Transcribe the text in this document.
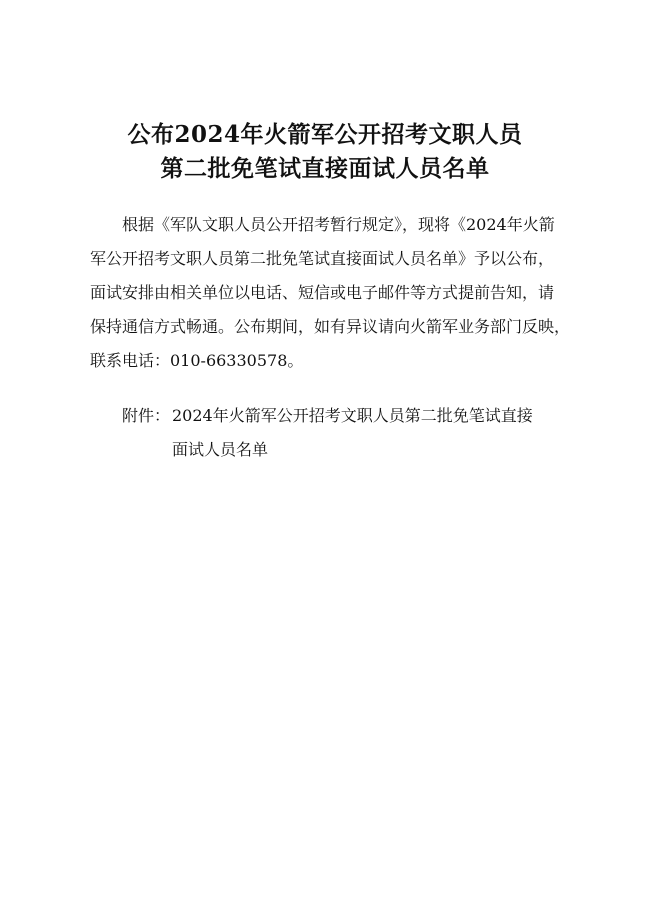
公布2024年火箭军公开招考文职人员
第二批免笔试直接面试人员名单
根据《军队文职人员公开招考暂行规定》，现将《2024年火箭
军公开招考文职人员第二批免笔试直接面试人员名单》予以公布，
面试安排由相关单位以电话、短信或电子邮件等方式提前告知，请
保持通信方式畅通。公布期间，如有异议请向火箭军业务部门反映，
联系电话：010-66330578。
附件： 2024年火箭军公开招考文职人员第二批免笔试直接
面试人员名单
